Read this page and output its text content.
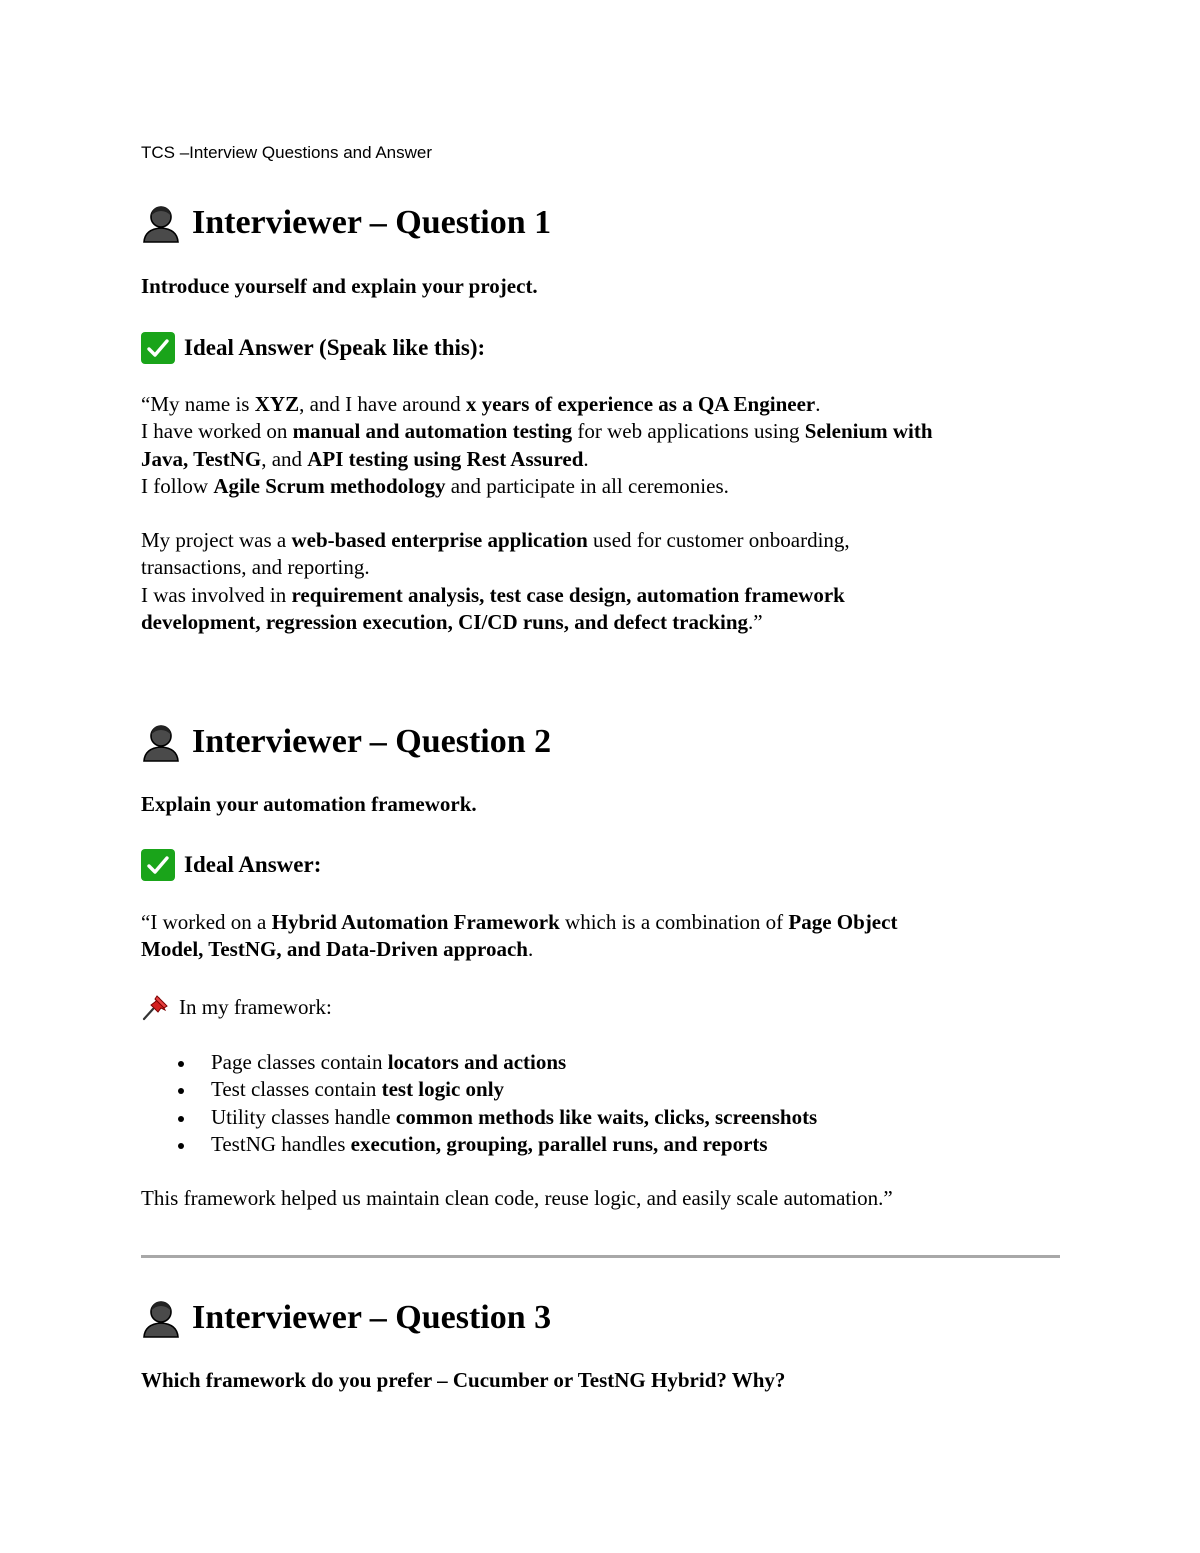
TCS –Interview Questions and Answer
Interviewer – Question 1
Introduce yourself and explain your project.
Ideal Answer (Speak like this):
“My name is XYZ, and I have around x years of experience as a QA Engineer.
I have worked on manual and automation testing for web applications using Selenium with
Java, TestNG, and API testing using Rest Assured.
I follow Agile Scrum methodology and participate in all ceremonies.
My project was a web-based enterprise application used for customer onboarding,
transactions, and reporting.
I was involved in requirement analysis, test case design, automation framework
development, regression execution, CI/CD runs, and defect tracking.”
Interviewer – Question 2
Explain your automation framework.
Ideal Answer:
“I worked on a Hybrid Automation Framework which is a combination of Page Object
Model, TestNG, and Data-Driven approach.
In my framework:
Page classes contain locators and actions
Test classes contain test logic only
Utility classes handle common methods like waits, clicks, screenshots
TestNG handles execution, grouping, parallel runs, and reports
This framework helped us maintain clean code, reuse logic, and easily scale automation.”
Interviewer – Question 3
Which framework do you prefer – Cucumber or TestNG Hybrid? Why?
